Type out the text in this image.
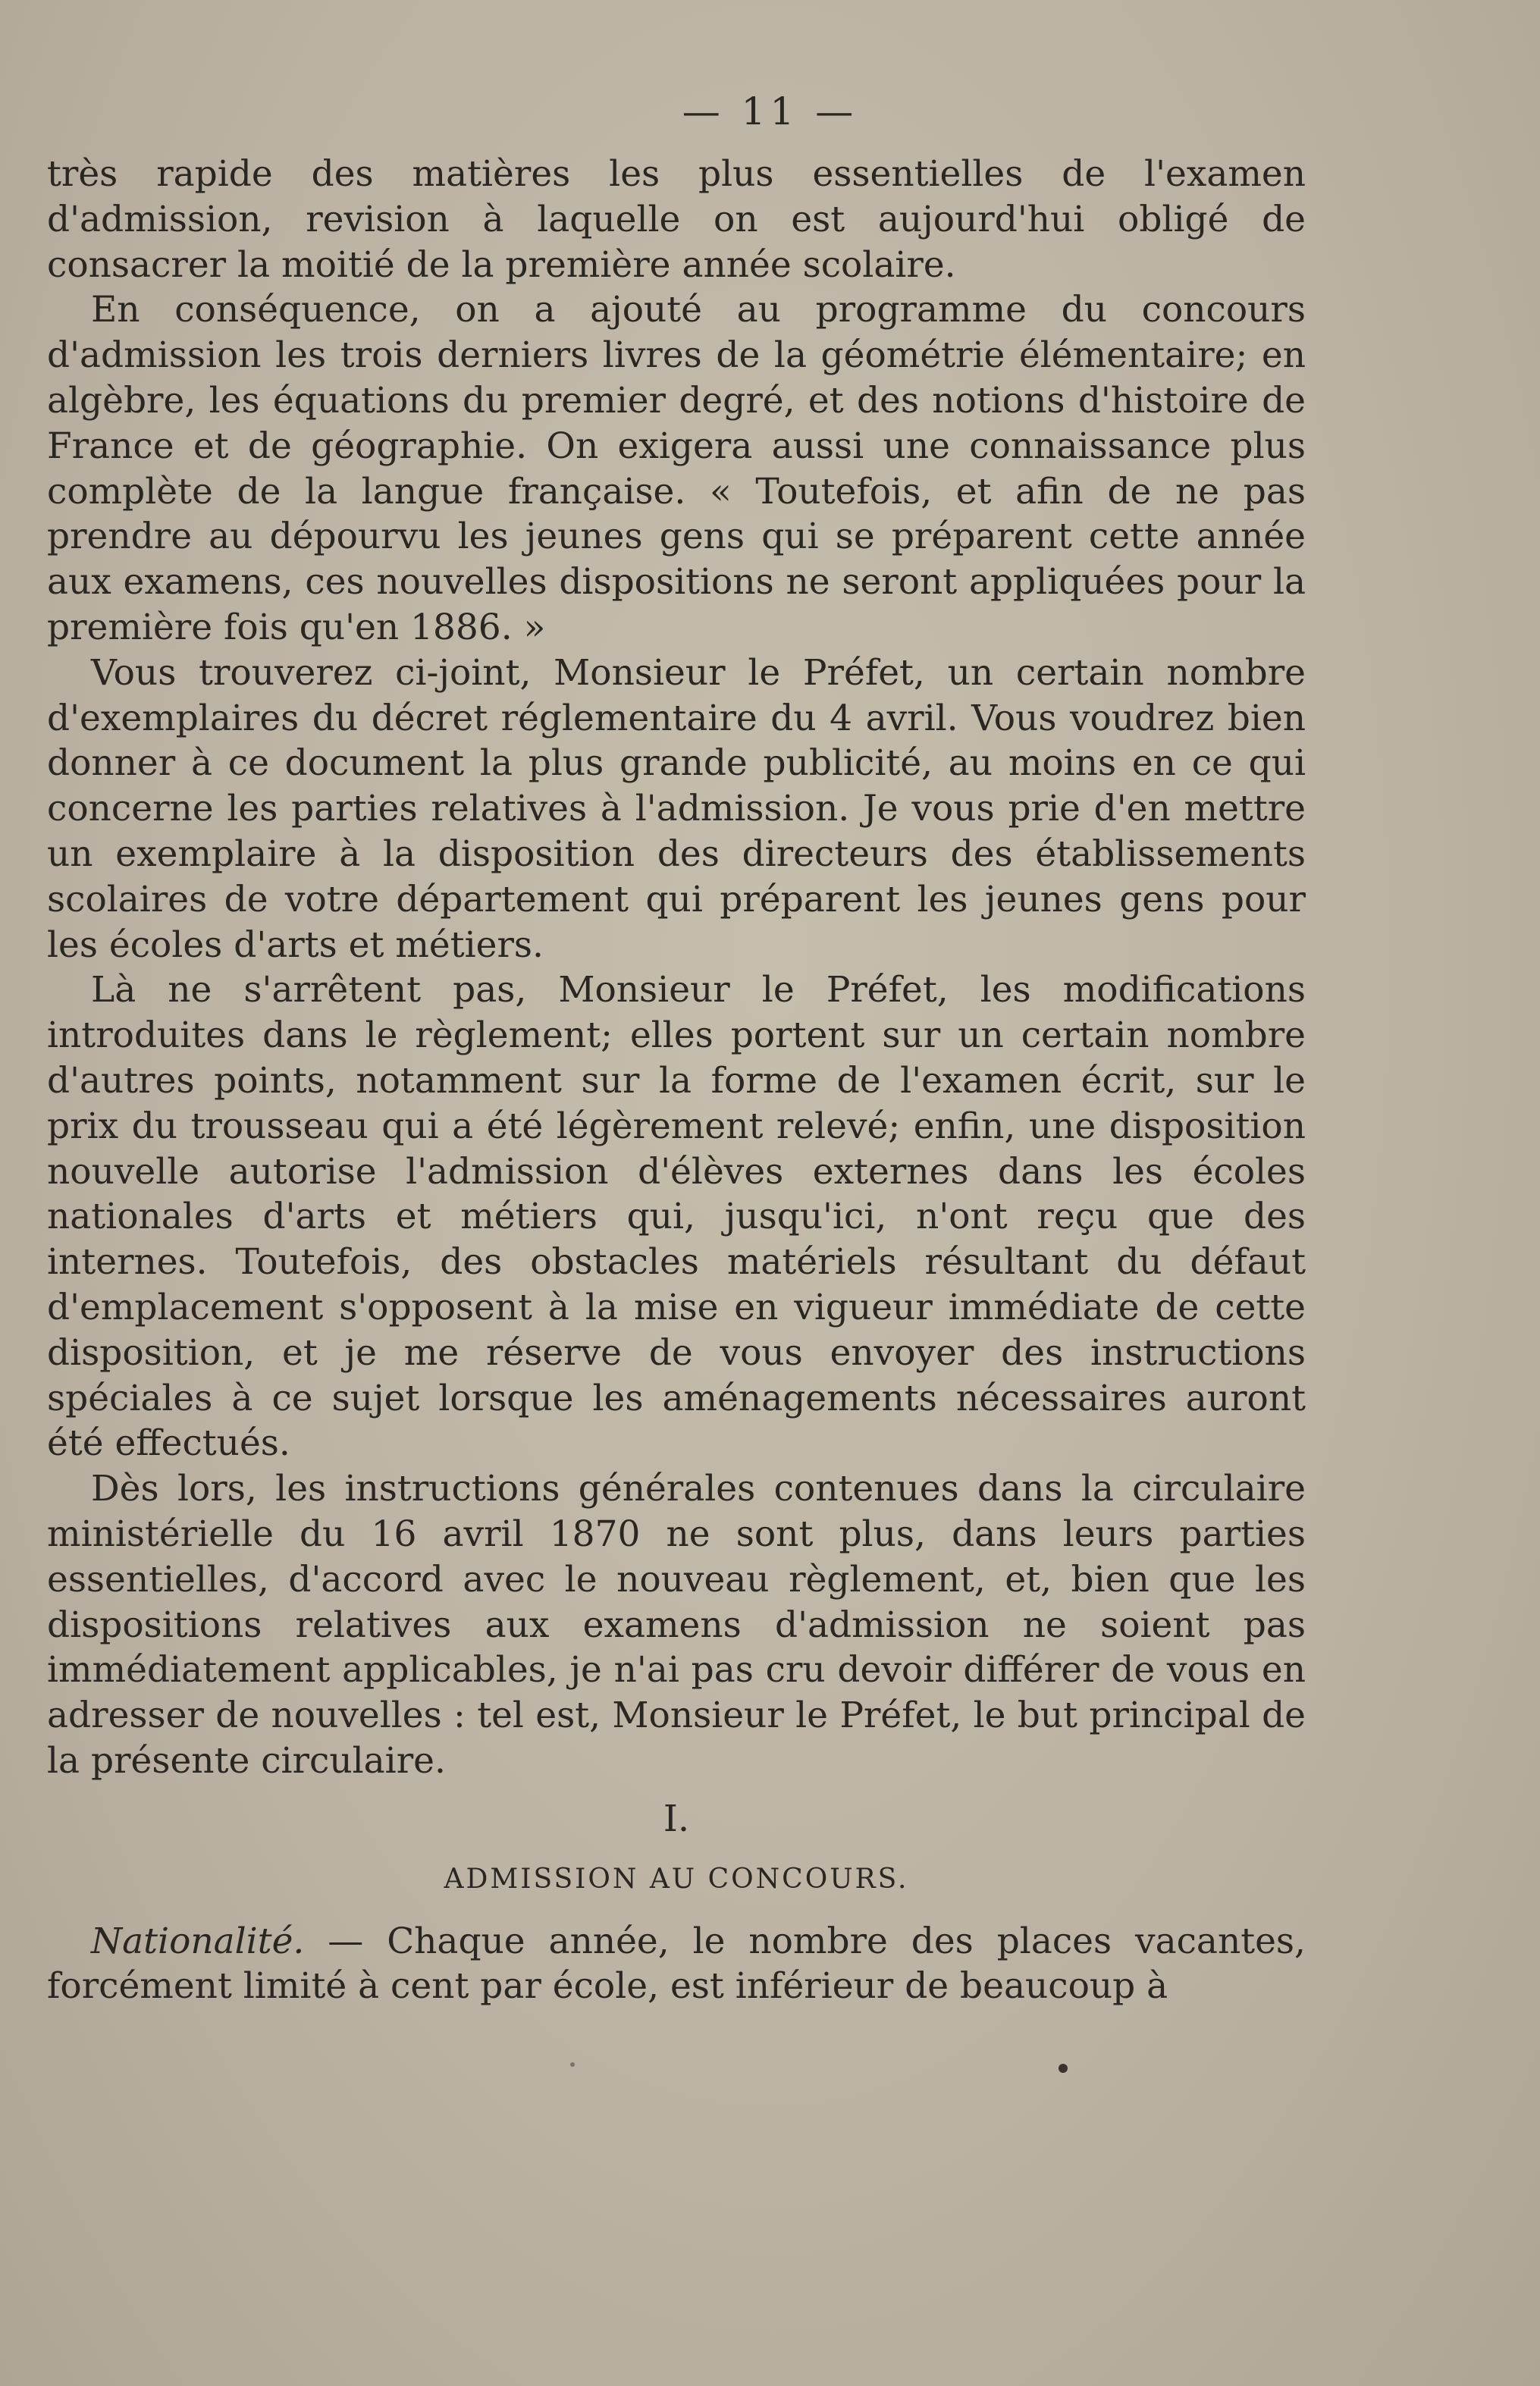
— 11 —

très rapide des matières les plus essentielles de l'examen d'admission, revision à laquelle on est aujourd'hui obligé de consacrer la moitié de la première année scolaire.

En conséquence, on a ajouté au programme du concours d'admission les trois derniers livres de la géométrie élémentaire; en algèbre, les équations du premier degré, et des notions d'histoire de France et de géographie. On exigera aussi une connaissance plus complète de la langue française. « Toutefois, et afin de ne pas prendre au dépourvu les jeunes gens qui se préparent cette année aux examens, ces nouvelles dispositions ne seront appliquées pour la première fois qu'en 1886. »

Vous trouverez ci-joint, Monsieur le Préfet, un certain nombre d'exemplaires du décret réglementaire du 4 avril. Vous voudrez bien donner à ce document la plus grande publicité, au moins en ce qui concerne les parties relatives à l'admission. Je vous prie d'en mettre un exemplaire à la disposition des directeurs des établissements scolaires de votre département qui préparent les jeunes gens pour les écoles d'arts et métiers.

Là ne s'arrêtent pas, Monsieur le Préfet, les modifications introduites dans le règlement; elles portent sur un certain nombre d'autres points, notamment sur la forme de l'examen écrit, sur le prix du trousseau qui a été légèrement relevé; enfin, une disposition nouvelle autorise l'admission d'élèves externes dans les écoles nationales d'arts et métiers qui, jusqu'ici, n'ont reçu que des internes. Toutefois, des obstacles matériels résultant du défaut d'emplacement s'opposent à la mise en vigueur immédiate de cette disposition, et je me réserve de vous envoyer des instructions spéciales à ce sujet lorsque les aménagements nécessaires auront été effectués.

Dès lors, les instructions générales contenues dans la circulaire ministérielle du 16 avril 1870 ne sont plus, dans leurs parties essentielles, d'accord avec le nouveau règlement, et, bien que les dispositions relatives aux examens d'admission ne soient pas immédiatement applicables, je n'ai pas cru devoir différer de vous en adresser de nouvelles : tel est, Monsieur le Préfet, le but principal de la présente circulaire.

I.
ADMISSION AU CONCOURS.

Nationalité. — Chaque année, le nombre des places vacantes, forcément limité à cent par école, est inférieur de beaucoup à
